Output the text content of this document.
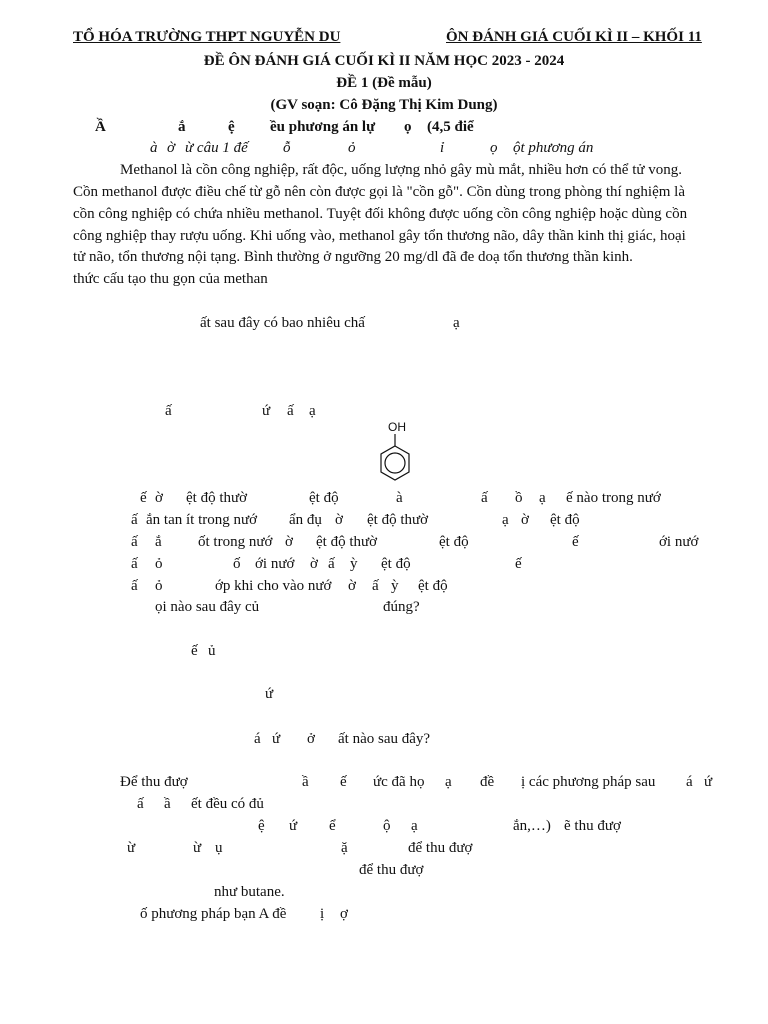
TỔ HÓA TRƯỜNG THPT NGUYỄN DU	ÔN ĐÁNH GIÁ CUỐI KÌ II – KHỐI 11
ĐỀ ÔN ĐÁNH GIÁ CUỐI KÌ II NĂM HỌC 2023 - 2024
ĐỀ 1 (Đề mẫu)
(GV soạn: Cô Đặng Thị Kim Dung)
Ầ	ắ	ệ ều phương án lự ọ (4,5 điể
à ờ ừ câu 1 đế ỗ	ỏ	ỉ	ọ ột phương án
Methanol là cồn công nghiệp, rất độc, uống lượng nhỏ gây mù mắt, nhiều hơn có thể tử vong.
Cồn methanol được điều chế từ gỗ nên còn được gọi là "cồn gỗ". Cồn dùng trong phòng thí nghiệm là
cồn công nghiệp có chứa nhiều methanol. Tuyệt đối không được uống cồn công nghiệp hoặc dùng cồn
công nghiệp thay rượu uống. Khi uống vào, methanol gây tổn thương não, dây thần kinh thị giác, hoại
tử não, tổn thương nội tạng. Bình thường ở ngưỡng 20 mg/dl đã đe doạ tổn thương thần kinh.
thức cấu tạo thu gọn của methan
ất sau đây có bao nhiêu chấ	ạ
ấ	ứ ấ ạ
OH
ế ờ ệt độ thườ	ệt độ	à	ấ ồ ạ ế nào trong nướ
ấ ắn tan ít trong nướ ẩn đụ ờ ệt độ thườ	ạ ờ ệt độ
ấ ắ ốt trong nướ ờ ệt độ thườ	ệt độ	ế	ới nướ
ấ ỏ	ố ới nướ ờ ấ ỳ ệt độ	ế
ấ ỏ	ớp khi cho vào nướ ờ ấ ỳ ệt độ
ọi nào sau đây củ	đúng?
ế ủ
ứ
á ứ ở ất nào sau đây?
Để thu đượ	ầ ế ức đã họ ạ đề ị các phương pháp sau á ứ
ấ ầ ết đều có đủ
ệ ứ ể	ộ ạ	ắn,…) ẽ thu đượ
ừ	ừ ụ	ặ	để thu đượ
để thu đượ
như butane.
ố phương pháp bạn A đề ị ợ
